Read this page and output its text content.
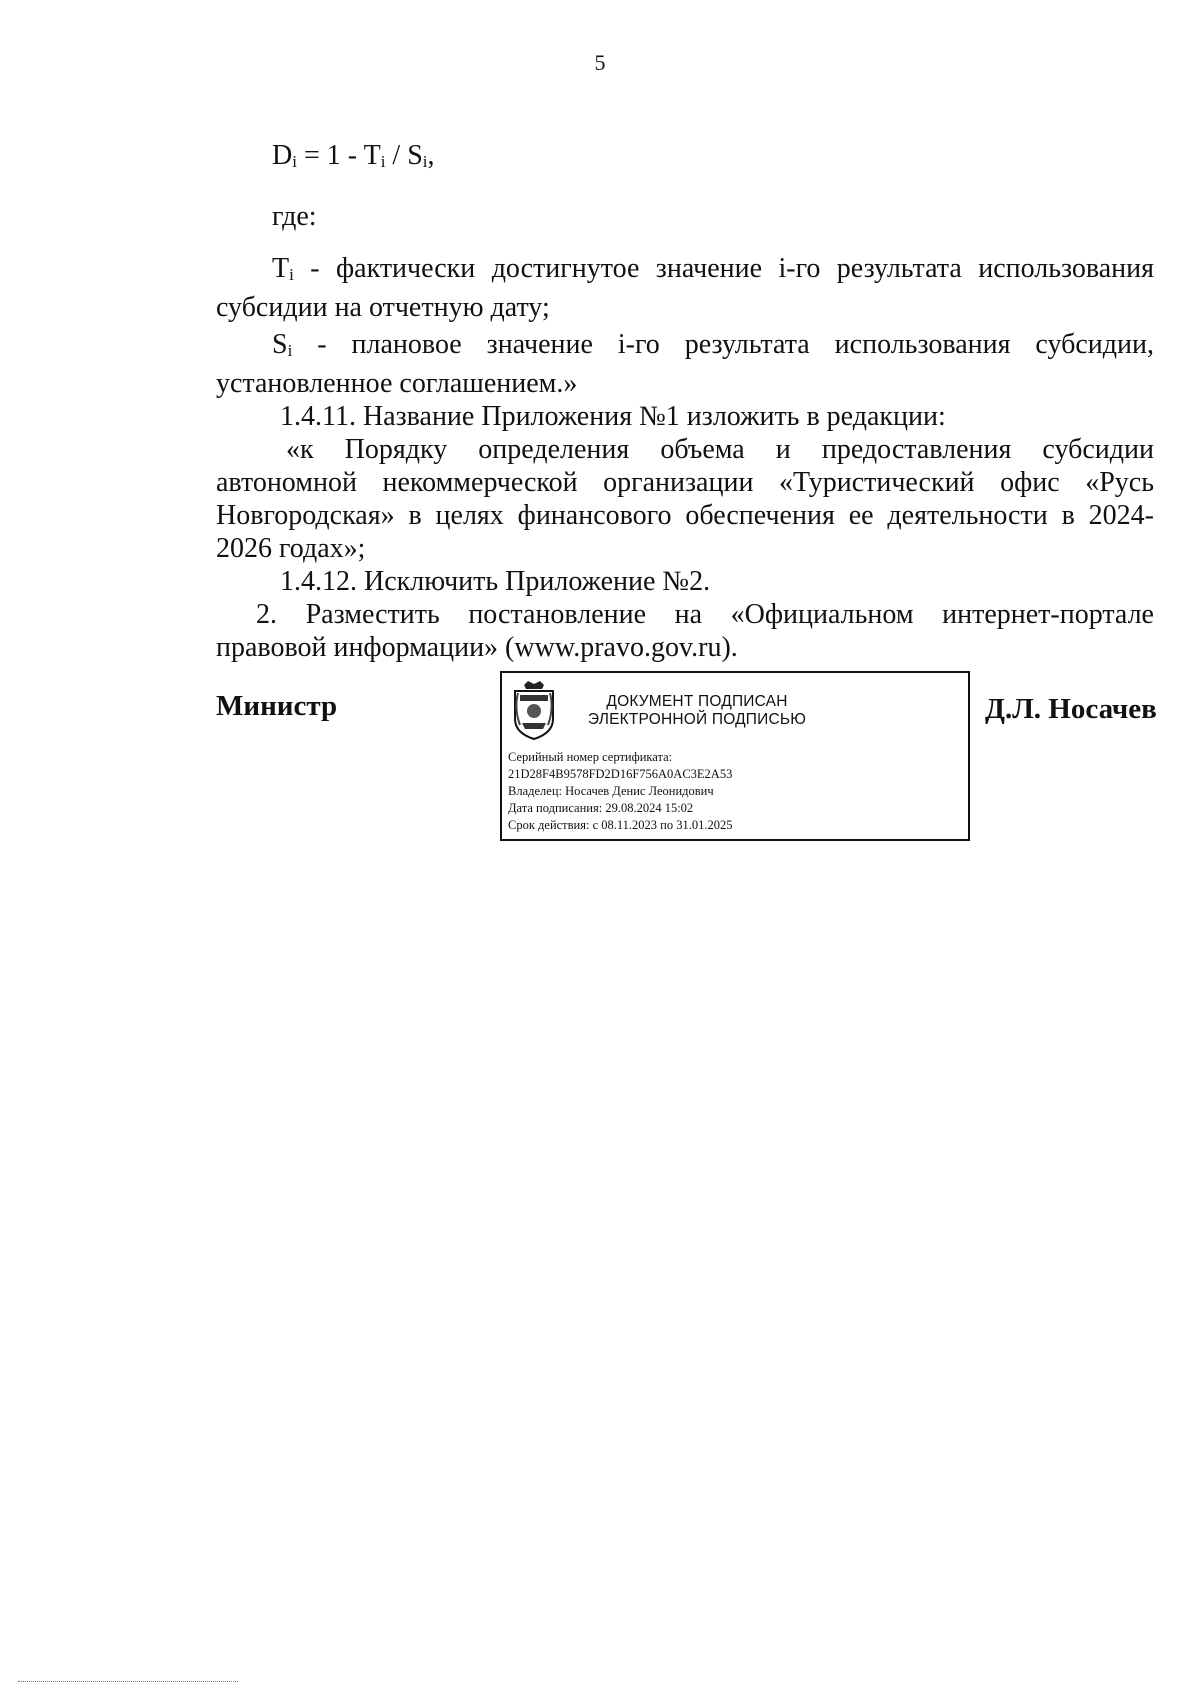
5
$D_i = 1 - T_i / S_i$,

где:

$T_i$ - фактически достигнутое значение i-го результата использования субсидии на отчетную дату;

$S_i$ - плановое значение i-го результата использования субсидии, установленное соглашением.»

1.4.11. Название Приложения №1 изложить в редакции:

«к Порядку определения объема и предоставления субсидии автономной некоммерческой организации «Туристический офис «Русь Новгородская» в целях финансового обеспечения ее деятельности в 2024-2026 годах»;

1.4.12. Исключить Приложение №2.

2. Разместить постановление на «Официальном интернет-портале правовой информации» (www.pravo.gov.ru).

Министр	ДОКУМЕНТ ПОДПИСАН
ЭЛЕКТРОННОЙ ПОДПИСЬЮ
Серийный номер сертификата:
21D28F4B9578FD2D16F756A0AC3E2A53
Владелец: Носачев Денис Леонидович
Дата подписания: 29.08.2024 15:02
Срок действия: с 08.11.2023 по 31.01.2025
Д.Л. Носачев
